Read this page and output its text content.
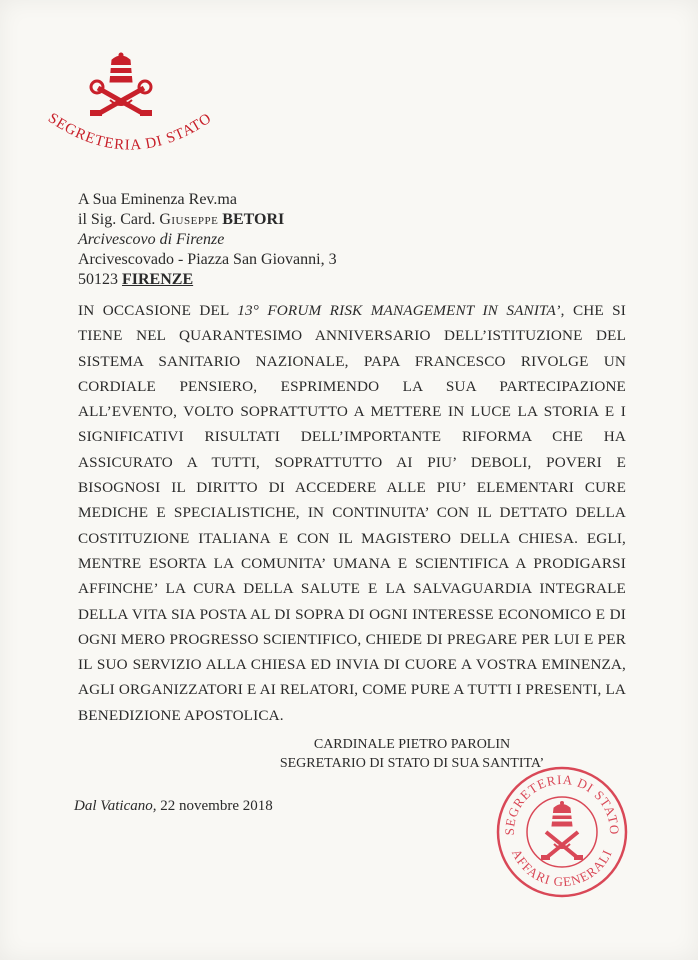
SEGRETERIA DI STATO
A Sua Eminenza Rev.ma
il Sig. Card. Giuseppe BETORI
Arcivescovo di Firenze
Arcivescovado - Piazza San Giovanni, 3
50123 FIRENZE
IN OCCASIONE DEL 13° FORUM RISK MANAGEMENT IN SANITA’, CHE SI TIENE NEL QUARANTESIMO ANNIVERSARIO DELL’ISTITUZIONE DEL SISTEMA SANITARIO NAZIONALE, PAPA FRANCESCO RIVOLGE UN CORDIALE PENSIERO, ESPRIMENDO LA SUA PARTECIPAZIONE ALL’EVENTO, VOLTO SOPRATTUTTO A METTERE IN LUCE LA STORIA E I SIGNIFICATIVI RISULTATI DELL’IMPORTANTE RIFORMA CHE HA ASSICURATO A TUTTI, SOPRATTUTTO AI PIU’ DEBOLI, POVERI E BISOGNOSI IL DIRITTO DI ACCEDERE ALLE PIU’ ELEMENTARI CURE MEDICHE E SPECIALISTICHE, IN CONTINUITA’ CON IL DETTATO DELLA COSTITUZIONE ITALIANA E CON IL MAGISTERO DELLA CHIESA. EGLI, MENTRE ESORTA LA COMUNITA’ UMANA E SCIENTIFICA A PRODIGARSI AFFINCHE’ LA CURA DELLA SALUTE E LA SALVAGUARDIA INTEGRALE DELLA VITA SIA POSTA AL DI SOPRA DI OGNI INTERESSE ECONOMICO E DI OGNI MERO PROGRESSO SCIENTIFICO, CHIEDE DI PREGARE PER LUI E PER IL SUO SERVIZIO ALLA CHIESA ED INVIA DI CUORE A VOSTRA EMINENZA, AGLI ORGANIZZATORI E AI RELATORI, COME PURE A TUTTI I PRESENTI, LA BENEDIZIONE APOSTOLICA.
CARDINALE PIETRO PAROLIN
SEGRETARIO DI STATO DI SUA SANTITA’
Dal Vaticano, 22 novembre 2018
SEGRETERIA DI STATO
AFFARI GENERALI
